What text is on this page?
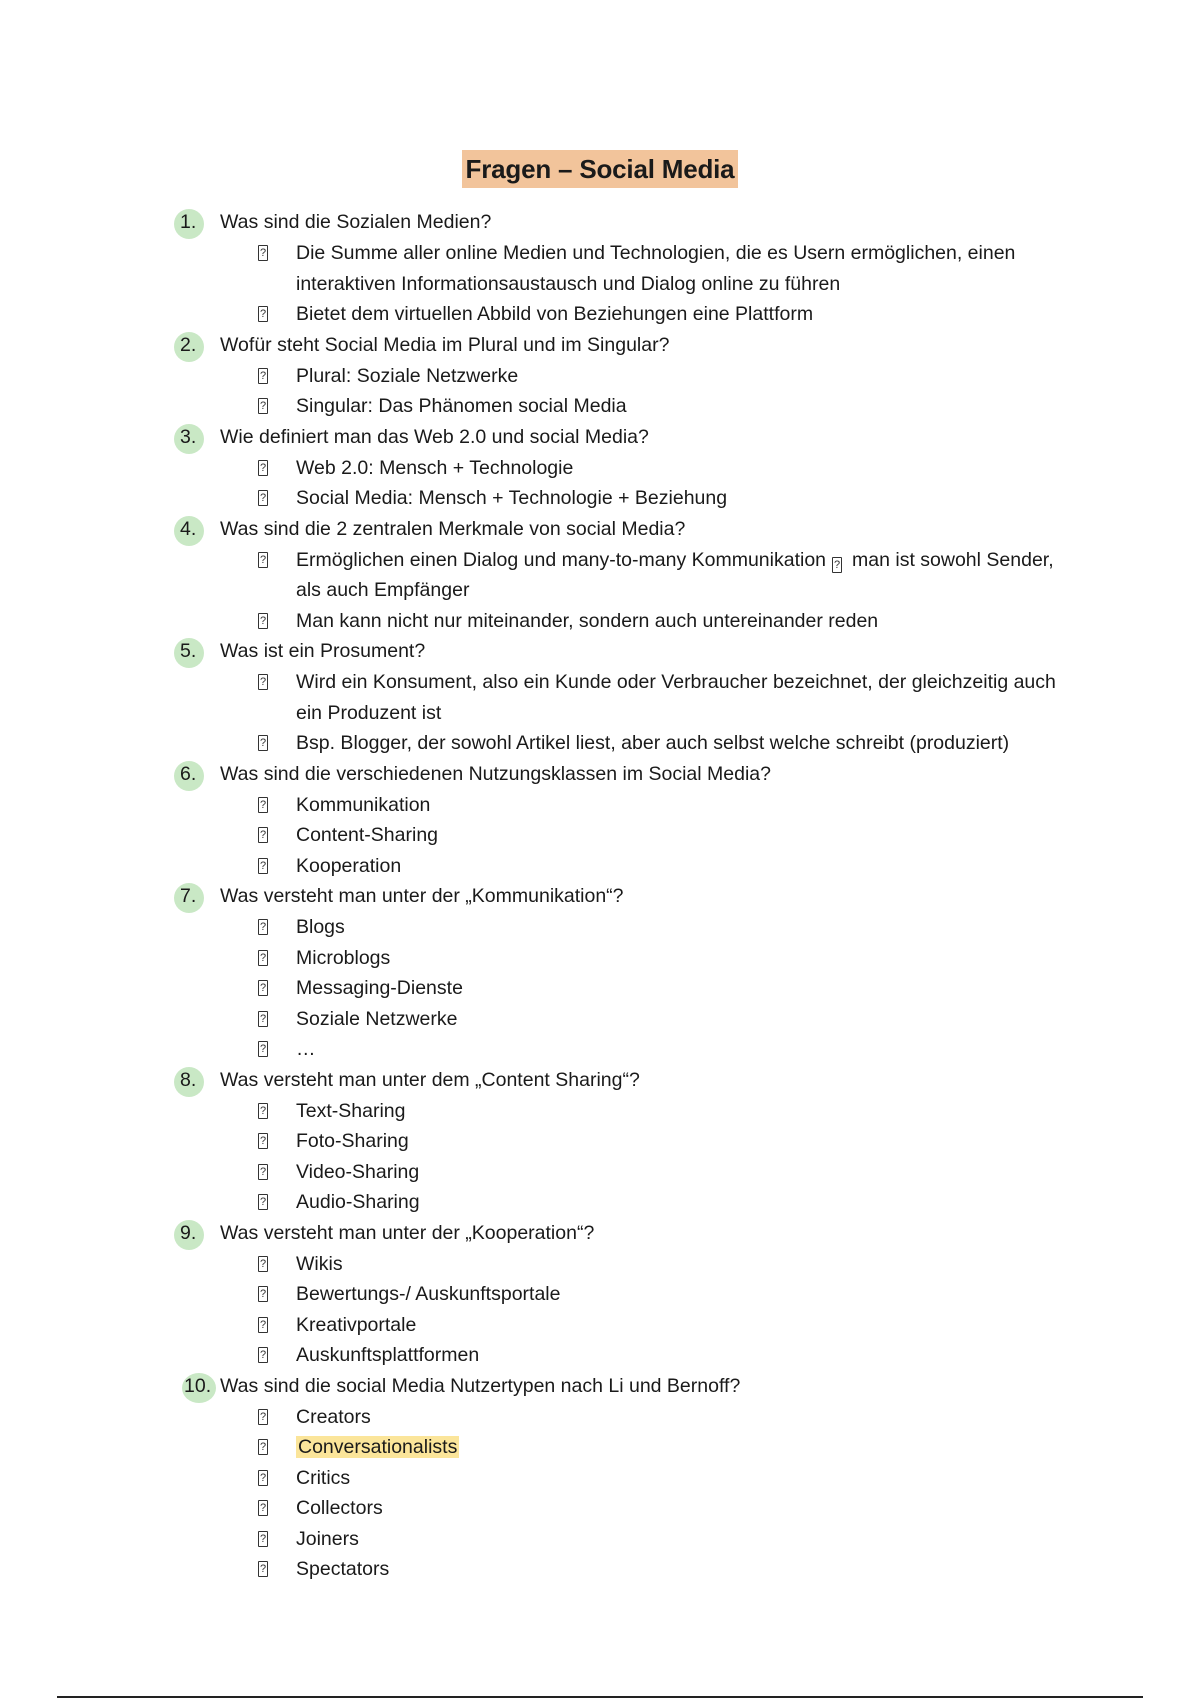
Fragen – Social Media
1. Was sind die Sozialen Medien?
? Die Summe aller online Medien und Technologien, die es Usern ermöglichen, einen interaktiven Informationsaustausch und Dialog online zu führen
? Bietet dem virtuellen Abbild von Beziehungen eine Plattform
2. Wofür steht Social Media im Plural und im Singular?
? Plural: Soziale Netzwerke
? Singular: Das Phänomen social Media
3. Wie definiert man das Web 2.0 und social Media?
? Web 2.0: Mensch + Technologie
? Social Media: Mensch + Technologie + Beziehung
4. Was sind die 2 zentralen Merkmale von social Media?
? Ermöglichen einen Dialog und many-to-many Kommunikation ? man ist sowohl Sender, als auch Empfänger
? Man kann nicht nur miteinander, sondern auch untereinander reden
5. Was ist ein Prosument?
? Wird ein Konsument, also ein Kunde oder Verbraucher bezeichnet, der gleichzeitig auch ein Produzent ist
? Bsp. Blogger, der sowohl Artikel liest, aber auch selbst welche schreibt (produziert)
6. Was sind die verschiedenen Nutzungsklassen im Social Media?
? Kommunikation
? Content-Sharing
? Kooperation
7. Was versteht man unter der „Kommunikation“?
? Blogs
? Microblogs
? Messaging-Dienste
? Soziale Netzwerke
? …
8. Was versteht man unter dem „Content Sharing“?
? Text-Sharing
? Foto-Sharing
? Video-Sharing
? Audio-Sharing
9. Was versteht man unter der „Kooperation“?
? Wikis
? Bewertungs-/ Auskunftsportale
? Kreativportale
? Auskunftsplattformen
10. Was sind die social Media Nutzertypen nach Li und Bernoff?
? Creators
? Conversationalists
? Critics
? Collectors
? Joiners
? Spectators
